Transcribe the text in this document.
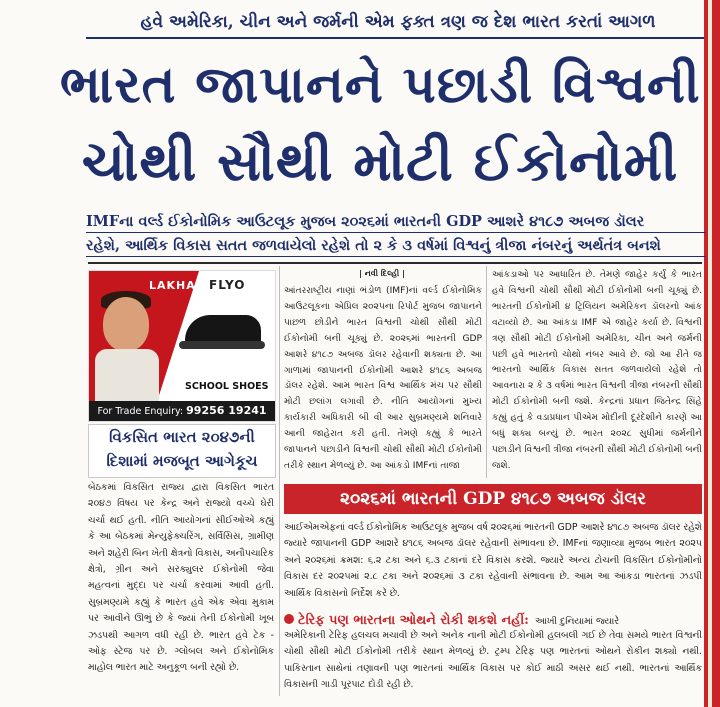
હવે અમેરિકા, ચીન અને જર્મની એમ ફક્ત ત્રણ જ દેશ ભારત કરતાં આગળ
ભારત જાપાનને પછાડી વિશ્વની
ચોથી સૌથી મોટી ઈકોનોમી
IMFના વર્લ્ડ ઈકોનોમિક આઉટલૂક મુજબ ૨૦૨૬માં ભારતની GDP આશરે ૪૧૮૭ અબજ ડૉલર
રહેશે, આર્થિક વિકાસ સતત જળવાયેલો રહેશે તો ૨ કે ૩ વર્ષમાં વિશ્વનું ત્રીજા નંબરનું અર્થતંત્ર બનશે
LAKHANI
FLYO
SCHOOL SHOES
For Trade Enquiry: 99256 19241
વિકસિત ભારત ૨૦૪૭ની
દિશામાં મજબૂત આગેકૂચ
બેઠકમાં વિકસિત રાજ્ય દ્વારા વિકસિત ભારત ૨૦૪૭ વિષય પર કેન્દ્ર અને રાજ્યો વચ્ચે ઘેરી ચર્ચા થઈ હતી. નીતિ આયોગનાં સીઈઓએ કહ્યું કે આ બેઠકમાં મેન્યુફેક્ચરિંગ, સર્વિસિસ, ગ્રામીણ અને શહેરી બિન ખેતી ક્ષેત્રનો વિકાસ, અનૌપચારિક ક્ષેત્રો, ગ્રીન અને સરક્યુલર ઈકોનોમી જેવા મહત્વનાં મુદ્દા પર ચર્ચા કરવામાં આવી હતી. સુબ્રમણ્યમે કહ્યું કે ભારત હવે એક એવા મુકામ પર આવીને ઊભું છે કે જ્યાં તેની ઈકોનોમી ખૂબ ઝડપથી આગળ વધી રહી છે. ભારત હવે ટેક - ઓફ સ્ટેજ પર છે. ગ્લોબલ અને ઈકોનોમિક માહોલ ભારત માટે અનુકૂળ બની રહ્યો છે.
| નવી દિલ્હી |
આંતરરાષ્ટ્રીય નાણાં ભંડોળ (IMF)નાં વર્લ્ડ ઈકોનોમિક આઉટલૂકના એપ્રિલ ૨૦૨૫ના રિપોર્ટ મુજબ જાપાનને પાછળ છોડીને ભારત વિશ્વની ચોથી સૌથી મોટી ઈકોનોમી બની ચૂક્યું છે. ૨૦૨૬માં ભારતની GDP આશરે ૪૧૮૭ અબજ ડૉલર રહેવાની શક્યતા છે. આ ગાળામાં જાપાનની ઈકોનોમી આશરે ૪૧૮૬ અબજ ડૉલર રહેશે. આમ ભારત વિશ્વ આર્થિક મંચ પર સૌથી મોટી છલાંગ લગાવી છે. નીતિ આયોગનાં મુખ્ય કાર્યકારી અધિકારી બી વી આર સુબ્રમણ્યમે શનિવારે આની જાહેરાત કરી હતી. તેમણે કહ્યું કે ભારતે જાપાનને પછાડીને વિશ્વની ચોથી સૌથી મોટી ઈકોનોમી તરીકે સ્થાન મેળવ્યું છે. આ આંકડો IMFનાં તાજા
આંકડાઓ પર આધારિત છે. તેમણે જાહેર કર્યું કે ભારત હવે વિશ્વની ચોથી સૌથી મોટી ઈકોનોમી બની ચૂક્યું છે. ભારતની ઈકોનોમી ૪ ટ્રિલિયન અમેરિકન ડૉલરનો આંક વટાવ્યો છે. આ આંકડા IMF એ જાહેર કર્યા છે. વિશ્વની ત્રણ સૌથી મોટી ઈકોનોમી અમેરિકા, ચીન અને જર્મની પછી હવે ભારતનો ચોથો નંબર આવે છે. જો આ રીતે જ ભારતનો આર્થિક વિકાસ સતત જળવાયેલો રહેશે તો આવનારા ૨ કે ૩ વર્ષમાં ભારત વિશ્વની ત્રીજા નંબરની સૌથી મોટી ઈકોનોમી બની જશે. કેન્દ્રનાં પ્રધાન જિતેન્દ્ર સિંહે કહ્યું હતું કે વડાપ્રધાન પીએમ મોદીની દૂરંદેશીને કારણે આ બધું શક્ય બન્યું છે. ભારત ૨૦૨૮ સુધીમાં જર્મનીને પછાડીને વિશ્વની ત્રીજા નંબરની સૌથી મોટી ઈકોનોમી બની જશે.
૨૦૨૬માં ભારતની GDP ૪૧૮૭ અબજ ડૉલર
આઈએમએફનાં વર્લ્ડ ઈકોનોમિક આઉટલૂક મુજબ વર્ષ ૨૦૨૬માં ભારતની GDP આશરે ૪૧૮૭ અબજ ડૉલર રહેશે જ્યારે જાપાનની GDP આશરે ૪૧૮૬ અબજ ડૉલર રહેવાની સંભાવના છે. IMFનાં જણાવ્યા મુજબ ભારત ૨૦૨૫ અને ૨૦૨૬માં ક્રમશ: ૬.૨ ટકા અને ૬.૩ ટકાનાં દરે વિકાસ કરશે. જ્યારે અન્ય ટોચની વિકસિત ઈકોનોમીનો વિકાસ દર ૨૦૨૫માં ૨.૮ ટકા અને ૨૦૨૬માં ૩ ટકા રહેવાની સંભાવના છે. આમ આ આંકડા ભારતનાં ઝડપી આર્થિક વિકાસનો નિર્દેશ કરે છે.
ટેરિફ પણ ભારતના ઓથને રોકી શકશે નહીં: આખી દુનિયામાં જ્યારે
અમેરિકાની ટેરિફ હલચલ મચાવી છે અને અનેક નાની મોટી ઈકોનોમી હલબલી ગઈ છે તેવા સમયે ભારત વિશ્વની ચોથી સૌથી મોટી ઈકોનોમી તરીકે સ્થાન મેળવ્યું છે. ટ્રમ્પ ટેરિફ પણ ભારતનાં ઓથને રોકીન શક્યો નથી. પાકિસ્તાન સાથેનાં તણાવની પણ ભારતનાં આર્થિક વિકાસ પર કોઈ માઠી અસર થઈ નથી. ભારતનાં આર્થિક વિકાસની ગાડી પૂરપાટ દોડી રહી છે.
